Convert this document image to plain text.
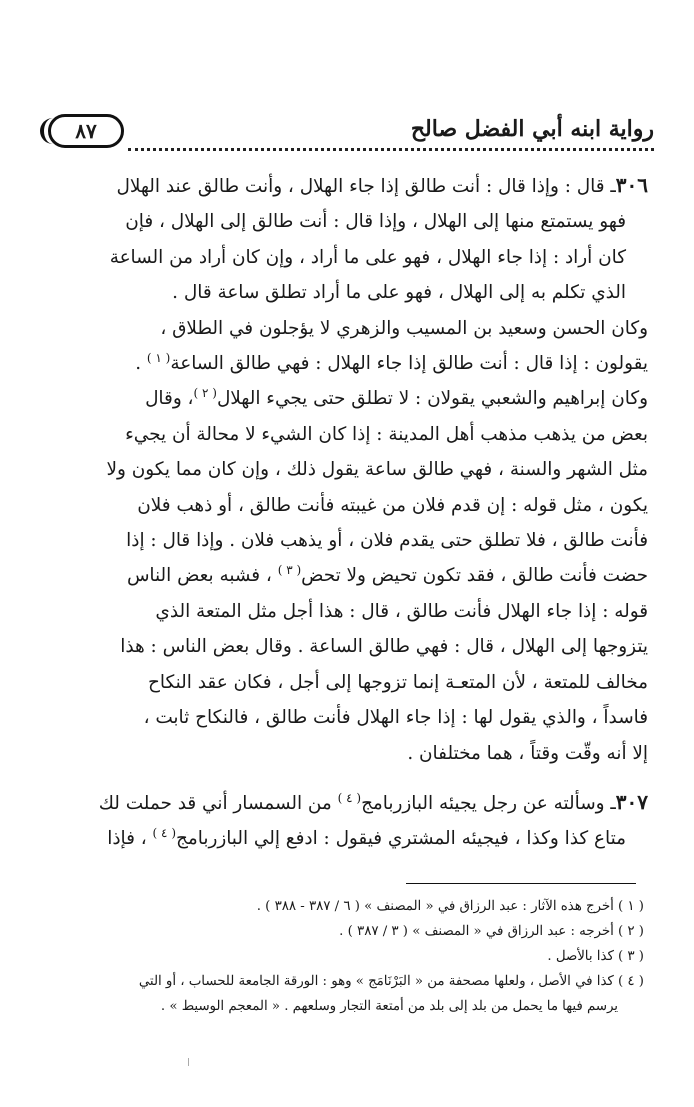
رواية ابنه أبي الفضل صالح
٨٧

٣٠٦ـ قال : وإذا قال : أنت طالق إذا جاء الهلال ، وأنت طالق عند الهلال

فهو يستمتع منها إلى الهلال ، وإذا قال : أنت طالق إلى الهلال ، فإن

كان أراد : إذا جاء الهلال ، فهو على ما أراد ، وإن كان أراد من الساعة

الذي تكلم به إلى الهلال ، فهو على ما أراد تطلق ساعة قال .

وكان الحسن وسعيد بن المسيب والزهري لا يؤجلون في الطلاق ،

يقولون : إذا قال : أنت طالق إذا جاء الهلال : فهي طالق الساعة$^{( ١ )}$ .

وكان إبراهيم والشعبي يقولان : لا تطلق حتى يجيء الهلال$^{( ٢ )}$، وقال

بعض من يذهب مذهب أهل المدينة : إذا كان الشيء لا محالة أن يجيء

مثل الشهر والسنة ، فهي طالق ساعة يقول ذلك ، وإن كان مما يكون ولا

يكون ، مثل قوله : إن قدم فلان من غيبته فأنت طالق ، أو ذهب فلان

فأنت طالق ، فلا تطلق حتى يقدم فلان ، أو يذهب فلان . وإذا قال : إذا

حضت فأنت طالق ، فقد تكون تحيض ولا تحض$^{( ٣ )}$ ، فشبه بعض الناس

قوله : إذا جاء الهلال فأنت طالق ، قال : هذا أجل مثل المتعة الذي

يتزوجها إلى الهلال ، قال : فهي طالق الساعة . وقال بعض الناس : هذا

مخالف للمتعة ، لأن المتعـة إنما تزوجها إلى أجل ، فكان عقد النكاح

فاسداً ، والذي يقول لها : إذا جاء الهلال فأنت طالق ، فالنكاح ثابت ،

إلا أنه وقّت وقتاً ، هما مختلفان .

٣٠٧ـ وسألته عن رجل يجيئه البازربامج$^{( ٤ )}$ من السمسار أني قد حملت لك

متاع كذا وكذا ، فيجيئه المشتري فيقول : ادفع إلي البازربامج$^{( ٤ )}$ ، فإذا

( ١ ) أخرج هذه الآثار : عبد الرزاق في « المصنف » ( ٦ / ٣٨٧ - ٣٨٨ ) .

( ٢ ) أخرجه : عبد الرزاق في « المصنف » ( ٣ / ٣٨٧ ) .

( ٣ ) كذا بالأصل .

( ٤ ) كذا في الأصل ، ولعلها مصحفة من « البَرْنَامَج » وهو : الورقة الجامعة للحساب ، أو التي

يرسم فيها ما يحمل من بلد إلى بلد من أمتعة التجار وسلعهم . « المعجم الوسيط » .
